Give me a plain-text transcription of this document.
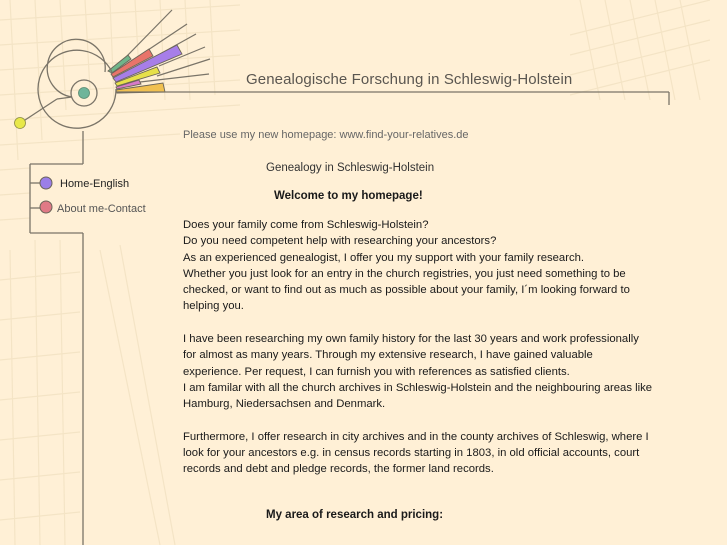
Genealogische Forschung in Schleswig-Holstein
Please use my new homepage: www.find-your-relatives.de
Home-English
About me-Contact
Genealogy in Schleswig-Holstein
Welcome to my homepage!
Does your family come from Schleswig-Holstein?
Do you need competent help with researching your ancestors?
As an experienced genealogist, I offer you my support with your family research.
Whether you just look for an entry in the church registries, you just need something to be checked, or want to find out as much as possible about your family, I´m looking forward to helping you.
I have been researching my own family history for the last 30 years and work professionally for almost as many years. Through my extensive research, I have gained valuable experience. Per request, I can furnish you with references as satisfied clients.
I am familar with all the church archives in Schleswig-Holstein and the neighbouring areas like Hamburg, Niedersachsen and Denmark.
Furthermore, I offer research in city archives and in the county archives of Schleswig, where I look for your ancestors e.g. in census records starting in 1803, in old official accounts, court records and debt and pledge records, the former land records.
My area of research and pricing:
